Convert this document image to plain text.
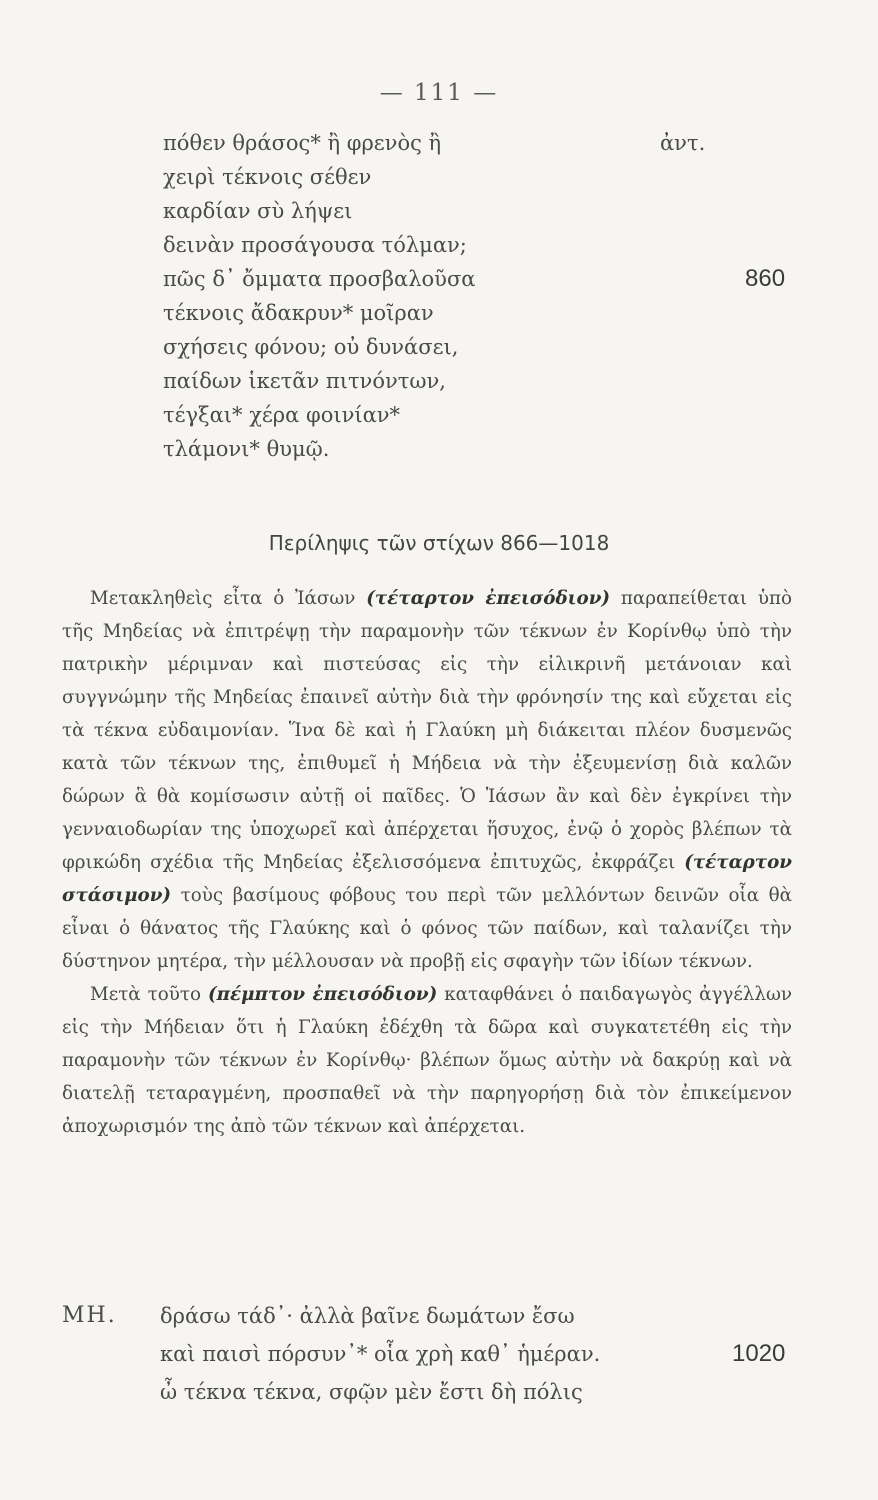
— 111 —
πόθεν θράσος* ἢ φρενὸς ἢ	ἀντ.
χειρὶ τέκνοις σέθεν
καρδίαν σὺ λήψει
δεινὰν προσάγουσα τόλμαν;
πῶς δ᾽ ὄμματα προσβαλοῦσα	860
τέκνοις ἄδακρυν* μοῖραν
σχήσεις φόνου; οὐ δυνάσει,
παίδων ἱκετᾶν πιτνόντων,
τέγξαι* χέρα φοινίαν*
τλάμονι* θυμῷ.
Περίληψις τῶν στίχων 866—1018

Μετακληθεὶς εἶτα ὁ Ἰάσων (τέταρτον ἐπεισόδιον) παραπείθεται ὑπὸ τῆς Μηδείας νὰ ἐπιτρέψῃ τὴν παραμονὴν τῶν τέκνων ἐν Κορίνθῳ ὑπὸ τὴν πατρικὴν μέριμναν καὶ πιστεύσας εἰς τὴν εἰλικρινῆ μετάνοιαν καὶ συγγνώμην τῆς Μηδείας ἐπαινεῖ αὐτὴν διὰ τὴν φρόνησίν της καὶ εὔχεται εἰς τὰ τέκνα εὐδαιμονίαν. Ἵνα δὲ καὶ ἡ Γλαύκη μὴ διάκειται πλέον δυσμενῶς κατὰ τῶν τέκνων της, ἐπιθυμεῖ ἡ Μήδεια νὰ τὴν ἐξευμενίσῃ διὰ καλῶν δώρων ἃ θὰ κομίσωσιν αὐτῇ οἱ παῖδες. Ὁ Ἰάσων ἂν καὶ δὲν ἐγκρίνει τὴν γενναιοδωρίαν της ὑποχωρεῖ καὶ ἀπέρχεται ἥσυχος, ἐνῷ ὁ χορὸς βλέπων τὰ φρικώδη σχέδια τῆς Μηδείας ἐξελισσόμενα ἐπιτυχῶς, ἐκφράζει (τέταρτον στάσιμον) τοὺς βασίμους φόβους του περὶ τῶν μελλόντων δεινῶν οἷα θὰ εἶναι ὁ θάνατος τῆς Γλαύκης καὶ ὁ φόνος τῶν παίδων, καὶ ταλανίζει τὴν δύστηνον μητέρα, τὴν μέλλουσαν νὰ προβῇ εἰς σφαγὴν τῶν ἰδίων τέκνων.

Μετὰ τοῦτο (πέμπτον ἐπεισόδιον) καταφθάνει ὁ παιδαγωγὸς ἀγγέλλων εἰς τὴν Μήδειαν ὅτι ἡ Γλαύκη ἐδέχθη τὰ δῶρα καὶ συγκατετέθη εἰς τὴν παραμονὴν τῶν τέκνων ἐν Κορίνθῳ· βλέπων ὅμως αὐτὴν νὰ δακρύῃ καὶ νὰ διατελῇ τεταραγμένη, προσπαθεῖ νὰ τὴν παρηγορήσῃ διὰ τὸν ἐπικείμενον ἀποχωρισμόν της ἀπὸ τῶν τέκνων καὶ ἀπέρχεται.

ΜΗ. δράσω τάδ᾽· ἀλλὰ βαῖνε δωμάτων ἔσω
καὶ παισὶ πόρσυν᾽* οἷα χρὴ καθ᾽ ἡμέραν.	1020
ὦ τέκνα τέκνα, σφῷν μὲν ἔστι δὴ πόλις
